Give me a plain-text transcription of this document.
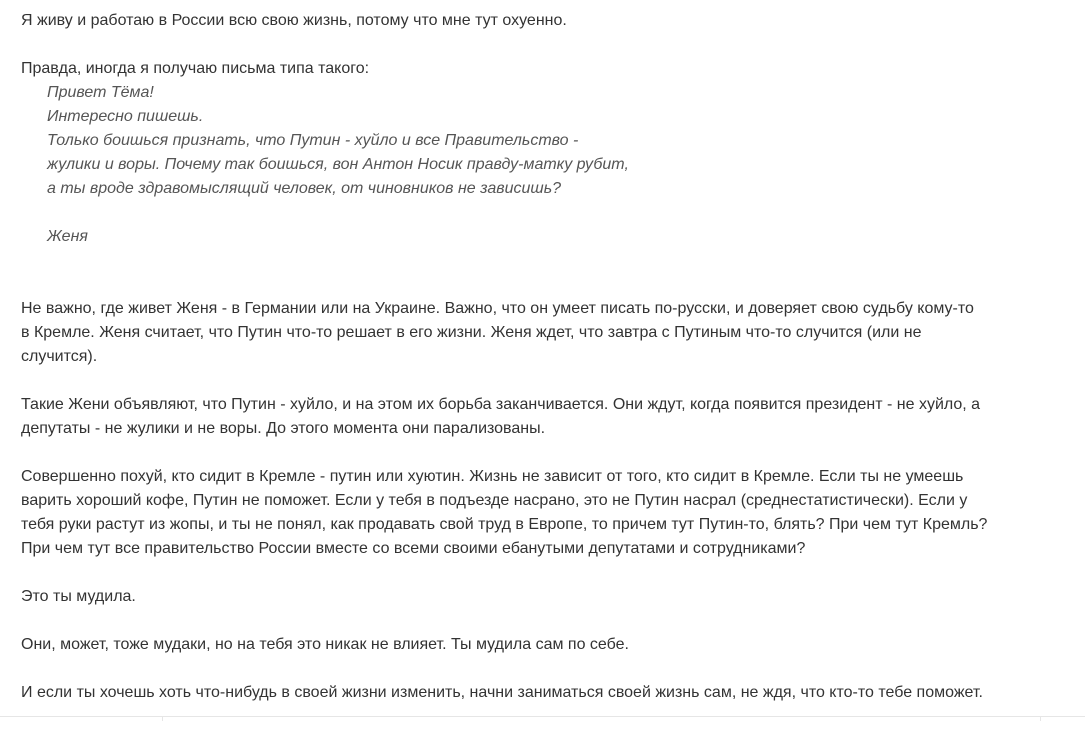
Я живу и работаю в России всю свою жизнь, потому что мне тут охуенно.

Правда, иногда я получаю письма типа такого:
Привет Тёма!
Интересно пишешь.
Только боишься признать, что Путин - хуйло и все Правительство -
жулики и воры. Почему так боишься, вон Антон Носик правду-матку рубит,
а ты вроде здравомыслящий человек, от чиновников не зависишь?
Женя

Не важно, где живет Женя - в Германии или на Украине. Важно, что он умеет писать по-русски, и доверяет свою судьбу кому-то
в Кремле. Женя считает, что Путин что-то решает в его жизни. Женя ждет, что завтра с Путиным что-то случится (или не
случится).

Такие Жени объявляют, что Путин - хуйло, и на этом их борьба заканчивается. Они ждут, когда появится президент - не хуйло, а
депутаты - не жулики и не воры. До этого момента они парализованы.

Совершенно похуй, кто сидит в Кремле - путин или хуютин. Жизнь не зависит от того, кто сидит в Кремле. Если ты не умеешь
варить хороший кофе, Путин не поможет. Если у тебя в подъезде насрано, это не Путин насрал (среднестатистически). Если у
тебя руки растут из жопы, и ты не понял, как продавать свой труд в Европе, то причем тут Путин-то, блять? При чем тут Кремль?
При чем тут все правительство России вместе со всеми своими ебанутыми депутатами и сотрудниками?

Это ты мудила.

Они, может, тоже мудаки, но на тебя это никак не влияет. Ты мудила сам по себе.

И если ты хочешь хоть что-нибудь в своей жизни изменить, начни заниматься своей жизнь сам, не ждя, что кто-то тебе поможет.
